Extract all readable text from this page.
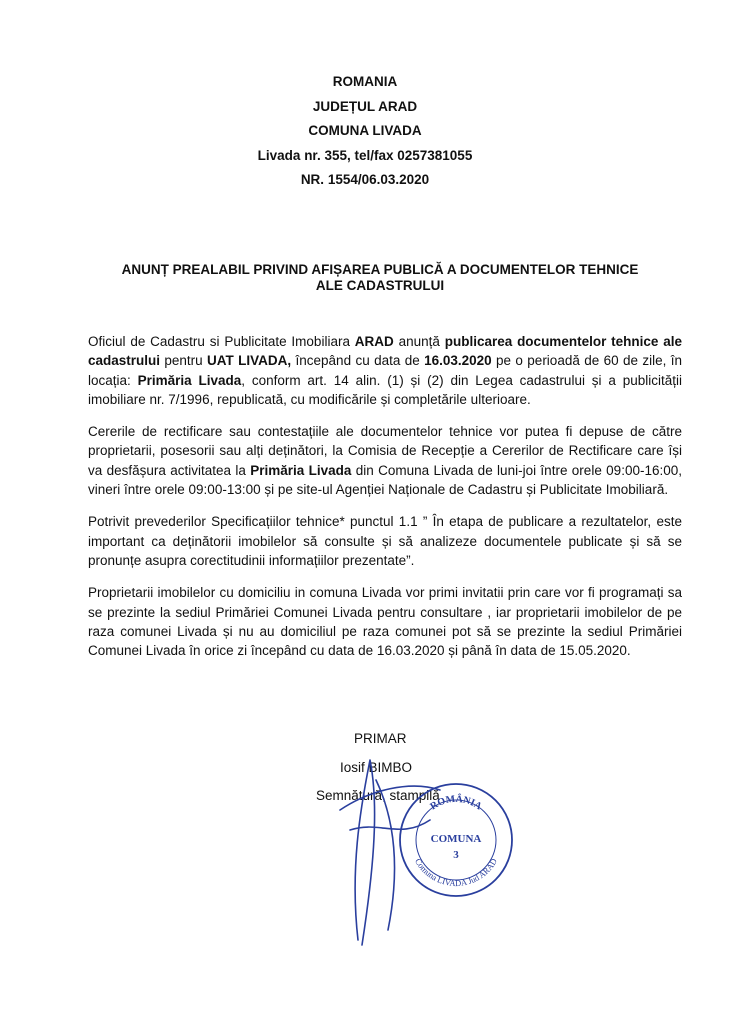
ROMANIA
JUDEȚUL ARAD
COMUNA LIVADA
Livada nr. 355, tel/fax 0257381055
NR. 1554/06.03.2020
ANUNȚ PREALABIL PRIVIND AFIȘAREA PUBLICĂ A DOCUMENTELOR TEHNICE
ALE CADASTRULUI

Oficiul de Cadastru si Publicitate Imobiliara ARAD anunță publicarea documentelor tehnice ale cadastrului pentru UAT LIVADA, începând cu data de 16.03.2020 pe o perioadă de 60 de zile, în locația: Primăria Livada, conform art. 14 alin. (1) și (2) din Legea cadastrului și a publicității imobiliare nr. 7/1996, republicată, cu modificările și completările ulterioare.

Cererile de rectificare sau contestațiile ale documentelor tehnice vor putea fi depuse de către proprietarii, posesorii sau alți deținători, la Comisia de Recepție a Cererilor de Rectificare care își va desfășura activitatea la Primăria Livada din Comuna Livada de luni-joi între orele 09:00-16:00, vineri între orele 09:00-13:00 și pe site-ul Agenției Naționale de Cadastru și Publicitate Imobiliară.

Potrivit prevederilor Specificațiilor tehnice* punctul 1.1 ” În etapa de publicare a rezultatelor, este important ca deținătorii imobilelor să consulte și să analizeze documentele publicate și să se pronunțe asupra corectitudinii informațiilor prezentate”.

Proprietarii imobilelor cu domiciliu in comuna Livada vor primi invitatii prin care vor fi programați sa se prezinte la sediul Primăriei Comunei Livada pentru consultare , iar proprietarii imobilelor de pe raza comunei Livada și nu au domiciliul pe raza comunei pot să se prezinte la sediul Primăriei Comunei Livada în orice zi începând cu data de 16.03.2020 și până în data de 15.05.2020.

PRIMAR
Iosif BIMBO
Semnătură, stampilă
ROMÂNIA
COMUNA
3
Comuna LIVADA Jud ARAD
